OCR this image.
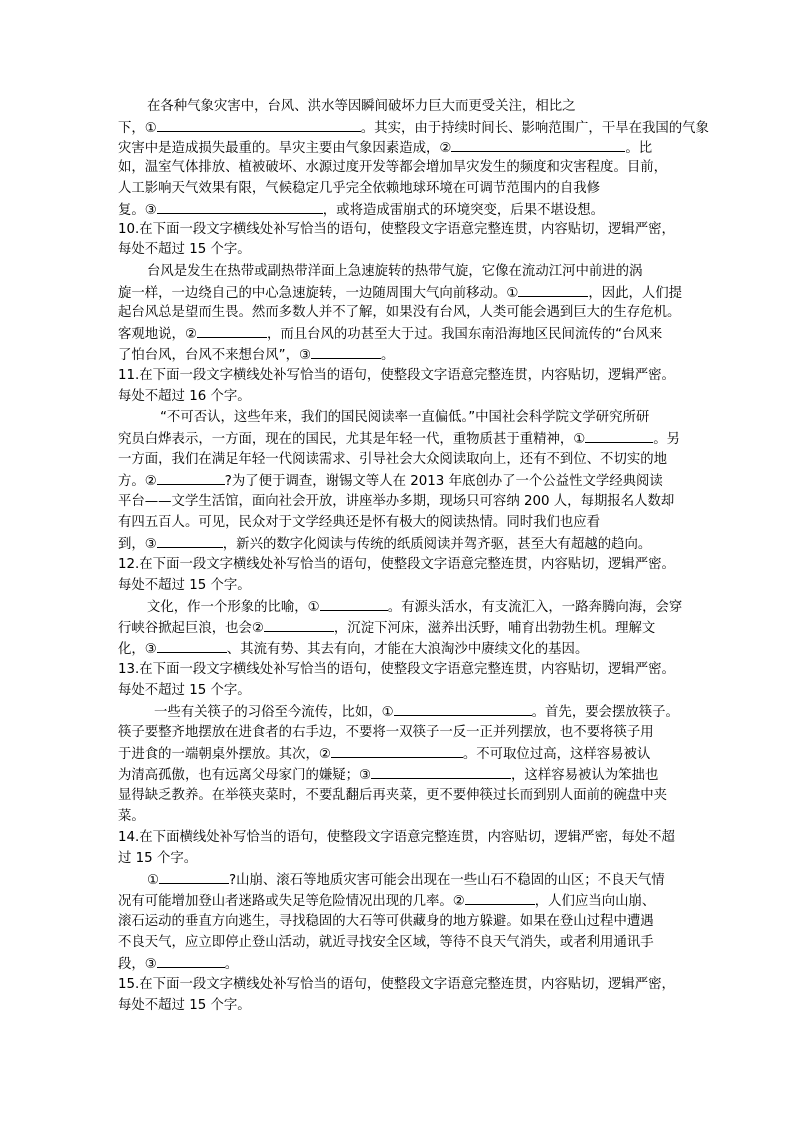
在各种气象灾害中，台风、洪水等因瞬间破坏力巨大而更受关注，相比之
下，①	。其实，由于持续时间长、影响范围广，干旱在我国的气象
灾害中是造成损失最重的。旱灾主要由气象因素造成，②	。比
如，温室气体排放、植被破坏、水源过度开发等都会增加旱灾发生的频度和灾害程度。目前，
人工影响天气效果有限，气候稳定几乎完全依赖地球环境在可调节范围内的自我修
复。③	，或将造成雷崩式的环境突变，后果不堪设想。
10.在下面一段文字横线处补写恰当的语句，使整段文字语意完整连贯，内容贴切，逻辑严密，
每处不超过 15 个字。
台风是发生在热带或副热带洋面上急速旋转的热带气旋，它像在流动江河中前进的涡
旋一样，一边绕自己的中心急速旋转，一边随周围大气向前移动。①	，因此，人们提
起台风总是望而生畏。然而多数人并不了解，如果没有台风，人类可能会遇到巨大的生存危机。
客观地说，②	，而且台风的功甚至大于过。我国东南沿海地区民间流传的“台风来
了怕台风，台风不来想台风”，③	。
11.在下面一段文字横线处补写恰当的语句，使整段文字语意完整连贯，内容贴切，逻辑严密。
每处不超过 16 个字。
“不可否认，这些年来，我们的国民阅读率一直偏低。”中国社会科学院文学研究所研
究员白烨表示，一方面，现在的国民，尤其是年轻一代，重物质甚于重精神，①	。另
一方面，我们在满足年轻一代阅读需求、引导社会大众阅读取向上，还有不到位、不切实的地
方。②	?为了便于调查，谢锡文等人在 2013 年底创办了一个公益性文学经典阅读
平台——文学生活馆，面向社会开放，讲座举办多期，现场只可容纳 200 人，每期报名人数却
有四五百人。可见，民众对于文学经典还是怀有极大的阅读热情。同时我们也应看
到，③	，新兴的数字化阅读与传统的纸质阅读并驾齐驱，甚至大有超越的趋向。
12.在下面一段文字横线处补写恰当的语句，使整段文字语意完整连贯，内容贴切，逻辑严密。
每处不超过 15 个字。
文化，作一个形象的比喻，①	。有源头活水，有支流汇入，一路奔腾向海，会穿
行峡谷掀起巨浪，也会②	，沉淀下河床，滋养出沃野，哺育出勃勃生机。理解文
化，③	、其流有势、其去有向，才能在大浪淘沙中赓续文化的基因。
13.在下面一段文字横线处补写恰当的语句，使整段文字语意完整连贯，内容贴切，逻辑严密。
每处不超过 15 个字。
一些有关筷子的习俗至今流传，比如，①	。首先，要会摆放筷子。
筷子要整齐地摆放在进食者的右手边，不要将一双筷子一反一正并列摆放，也不要将筷子用
于进食的一端朝桌外摆放。其次，②	。不可取位过高，这样容易被认
为清高孤傲，也有远离父母家门的嫌疑；③	，这样容易被认为笨拙也
显得缺乏教养。在举筷夹菜时，不要乱翻后再夹菜，更不要伸筷过长而到别人面前的碗盘中夹
菜。
14.在下面横线处补写恰当的语句，使整段文字语意完整连贯，内容贴切，逻辑严密，每处不超
过 15 个字。
①	?山崩、滚石等地质灾害可能会出现在一些山石不稳固的山区；不良天气情
况有可能增加登山者迷路或失足等危险情况出现的几率。②	，人们应当向山崩、
滚石运动的垂直方向逃生，寻找稳固的大石等可供藏身的地方躲避。如果在登山过程中遭遇
不良天气，应立即停止登山活动，就近寻找安全区域，等待不良天气消失，或者利用通讯手
段，③	。
15.在下面一段文字横线处补写恰当的语句，使整段文字语意完整连贯，内容贴切，逻辑严密，
每处不超过 15 个字。
